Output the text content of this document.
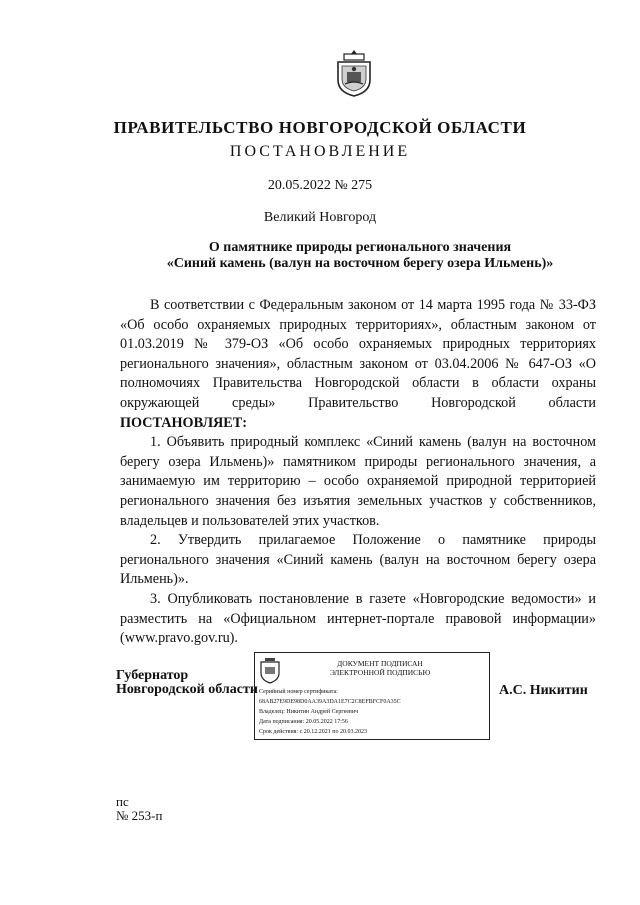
ПРАВИТЕЛЬСТВО НОВГОРОДСКОЙ ОБЛАСТИ
ПОСТАНОВЛЕНИЕ
20.05.2022 № 275
Великий Новгород
О памятнике природы регионального значения
«Синий камень (валун на восточном берегу озера Ильмень)»

В соответствии с Федеральным законом от 14 марта 1995 года № 33-ФЗ «Об особо охраняемых природных территориях», областным законом от 01.03.2019 № 379-ОЗ «Об особо охраняемых природных территориях регионального значения», областным законом от 03.04.2006 № 647-ОЗ «О полномочиях Правительства Новгородской области в области охраны окружающей среды» Правительство Новгородской области ПОСТАНОВЛЯЕТ:

1. Объявить природный комплекс «Синий камень (валун на восточном берегу озера Ильмень)» памятником природы регионального значения, а занимаемую им территорию – особо охраняемой природной территорией регионального значения без изъятия земельных участков у собственников, владельцев и пользователей этих участков.

2. Утвердить прилагаемое Положение о памятнике природы регионального значения «Синий камень (валун на восточном берегу озера Ильмень)».

3. Опубликовать постановление в газете «Новгородские ведомости» и разместить на «Официальном интернет-портале правовой информации» (www.pravo.gov.ru).

Губернатор
Новгородской области
ДОКУМЕНТ ПОДПИСАН
ЭЛЕКТРОННОЙ ПОДПИСЬЮ
Серийный номер сертификата:
68AB27E9DE98D0AA39A3DA1E7C2C8EFBFCF0A35C
Владелец: Никитин Андрей Сергеевич
Дата подписания: 20.05.2022 17:56
Срок действия: с 20.12.2021 по 20.03.2023
А.С. Никитин
пс
№ 253-п
